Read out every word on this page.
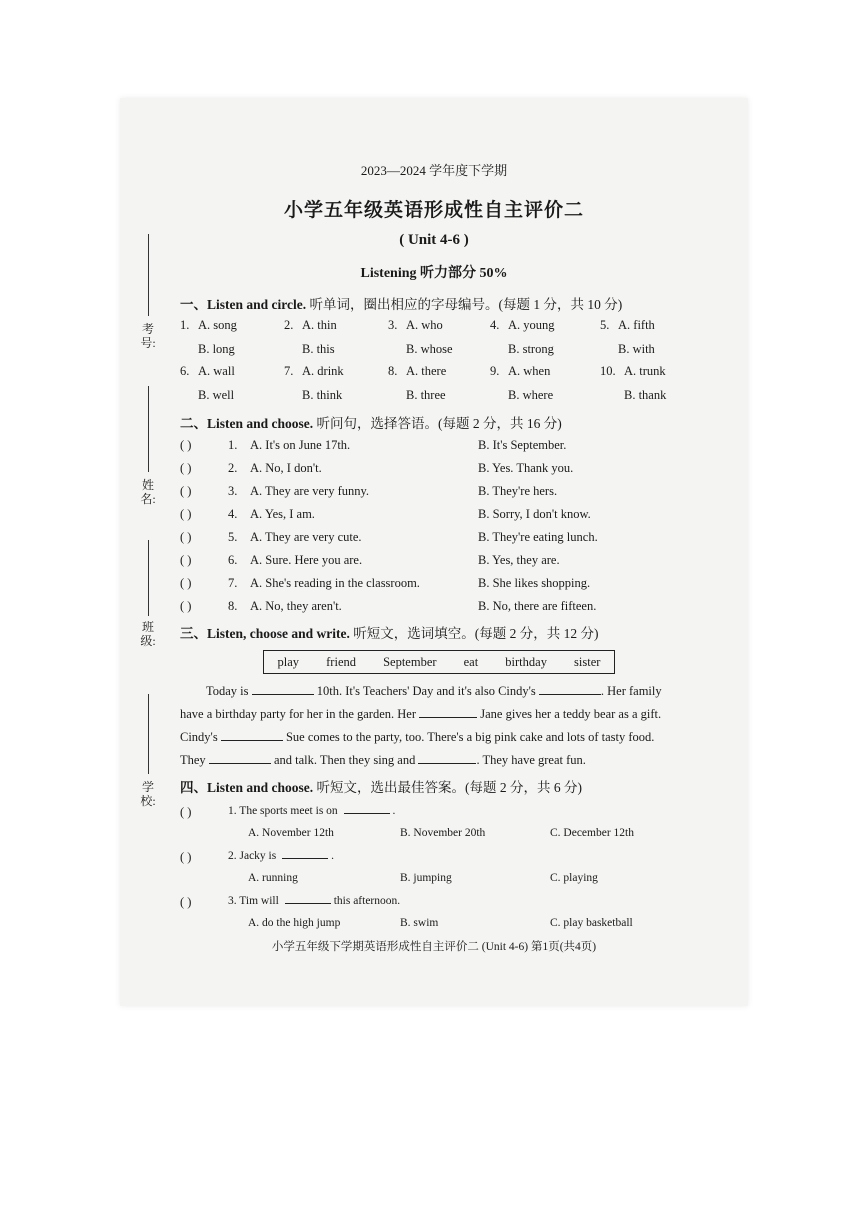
考号:
姓名:
班级:
学校:
2023—2024 学年度下学期
小学五年级英语形成性自主评价二
( Unit 4-6 )
Listening 听力部分 50%
一、Listen and circle. 听单词，圈出相应的字母编号。(每题 1 分，共 10 分)
1. A. song
B. long
2. A. thin
B. this
3. A. who
B. whose
4. A. young
B. strong
5. A. fifth
B. with
6. A. wall
B. well
7. A. drink
B. think
8. A. there
B. three
9. A. when
B. where
10. A. trunk
B. thank
二、Listen and choose. 听问句，选择答语。(每题 2 分，共 16 分)
( )	1. A. It's on June 17th.	B. It's September.
( )	2. A. No, I don't.	B. Yes. Thank you.
( )	3. A. They are very funny.	B. They're hers.
( )	4. A. Yes, I am.	B. Sorry, I don't know.
( )	5. A. They are very cute.	B. They're eating lunch.
( )	6. A. Sure. Here you are.	B. Yes, they are.
( )	7. A. She's reading in the classroom.	B. She likes shopping.
( )	8. A. No, they aren't.	B. No, there are fifteen.
三、Listen, choose and write. 听短文，选词填空。(每题 2 分，共 12 分)
play friend September eat birthday sister
Today is	10th. It's Teachers' Day and it's also Cindy's	. Her family
have a birthday party for her in the garden. Her	Jane gives her a teddy bear as a gift.
Cindy's	Sue comes to the party, too. There's a big pink cake and lots of tasty food.
They	and talk. Then they sing and	. They have great fun.
四、Listen and choose. 听短文，选出最佳答案。(每题 2 分，共 6 分)
( )	1. The sports meet is on	.
A. November 12th	B. November 20th	C. December 12th
( )	2. Jacky is	.
A. running	B. jumping	C. playing
( )	3. Tim will	this afternoon.
A. do the high jump	B. swim	C. play basketball
小学五年级下学期英语形成性自主评价二 (Unit 4-6) 第1页(共4页)
